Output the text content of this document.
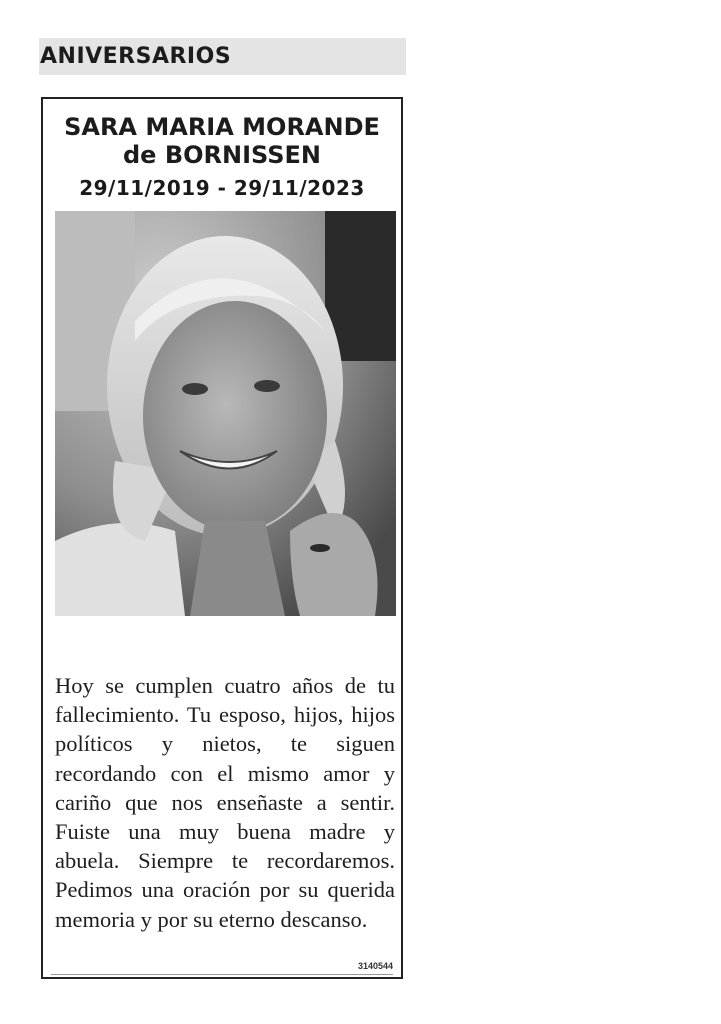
ANIVERSARIOS
SARA MARIA MORANDE
de BORNISSEN
29/11/2019 - 29/11/2023
Hoy se cumplen cuatro años de tu fallecimiento. Tu esposo, hijos, hijos políticos y nietos, te siguen recordando con el mismo amor y cariño que nos enseñaste a sentir. Fuiste una muy buena madre y abuela. Siempre te recordaremos. Pedimos una oración por su querida memoria y por su eterno descanso.
3140544
